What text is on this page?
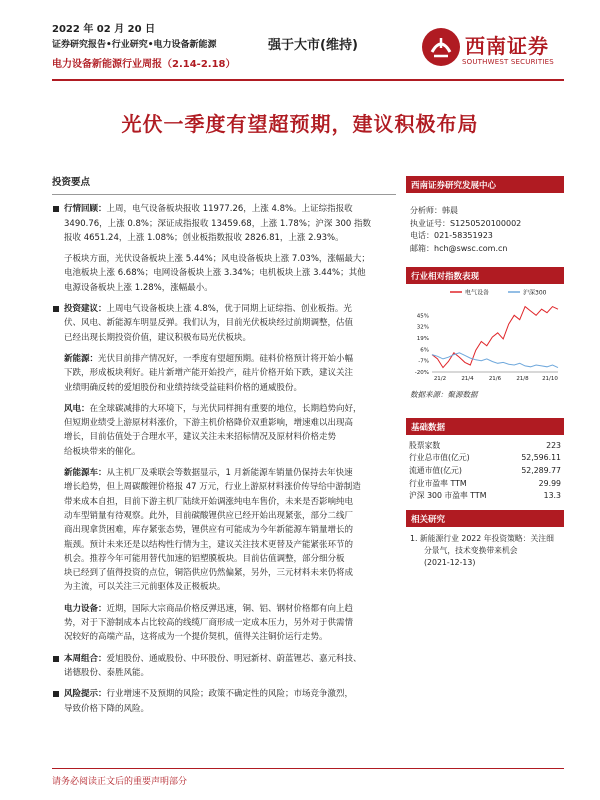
2022 年 02 月 20 日
证券研究报告•行业研究•电力设备新能源
电力设备新能源行业周报（2.14-2.18）
强于大市(维持)	西南证券
SOUTHWEST SECURITIES
光伏一季度有望超预期，建议积极布局
投资要点
行情回顾：上周，电气设备板块报收 11977.26，上涨 4.8%。上证综指报收
3490.76，上涨 0.8%；深证成指报收 13459.68，上涨 1.78%；沪深 300 指数
报收 4651.24，上涨 1.08%；创业板指数报收 2826.81，上涨 2.93%。
子板块方面，光伏设备板块上涨 5.44%；风电设备板块上涨 7.03%，涨幅最大；
电池板块上涨 6.68%；电网设备板块上涨 3.34%；电机板块上涨 3.44%；其他
电源设备板块上涨 1.28%，涨幅最小。
投资建议：上周电气设备板块上涨 4.8%，优于同期上证综指、创业板指。光
伏、风电、新能源车明显反弹。我们认为，目前光伏板块经过前期调整，估值
已经出现长期投资价值，建议积极布局光伏板块。
新能源：光伏目前排产情况好，一季度有望超预期。硅料价格预计将开始小幅
下跌，形成板块利好。硅片新增产能开始投产，硅片价格开始下跌，建议关注
业绩明确反转的爱旭股份和业绩持续受益硅料价格的通威股份。
风电：在全球碳减排的大环境下，与光伏同样拥有重要的地位，长期趋势向好，
但短期业绩受上游原材料涨价，下游主机价格降价双重影响，增速难以出现高
增长，目前估值处于合理水平，建议关注未来招标情况及原材料价格走势
给板块带来的催化。
新能源车：从主机厂及乘联会等数据显示，1 月新能源车销量仍保持去年快速
增长趋势，但上周碳酸锂价格报 47 万元，行业上游原材料涨价传导给中游制造
带来成本自担，目前下游主机厂陆续开始调涨纯电车售价，未来是否影响纯电
动车型销量有待观察。此外，目前碳酸锂供应已经开始出现紧张，部分二线厂
商出现拿货困难，库存紧张态势，锂供应有可能成为今年新能源车销量增长的
瓶颈。预计未来还是以结构性行情为主，建议关注技术更替及产能紧张环节的
机会。推荐今年可能用替代加速的铝塑膜板块。目前估值调整，部分细分板
块已经到了值得投资的点位，铜箔供应仍然偏紧，另外，三元材料未来仍将成
为主流，可以关注三元前驱体及正极板块。
电力设备：近期，国际大宗商品价格反弹迅速，铜、铝、钢材价格都有向上趋
势，对于下游制成本占比较高的线缆厂商形成一定成本压力，另外对于供需情
况较好的高端产品，这将成为一个提价契机，值得关注铜价运行走势。
本周组合：爱旭股份、通威股份、中环股份、明冠新材、蔚蓝锂芯、嘉元科技、
诺德股份、泰胜风能。
风险提示：行业增速不及预期的风险；政策不确定性的风险；市场竞争激烈，
导致价格下降的风险。
西南证券研究发展中心
分析师：韩晨
执业证号：S1250520100002
电话：021-58351923
邮箱：hch@swsc.com.cn
行业相对指数表现
电气设备	沪深300
45%
32%
19%
6%
-7%
-20%
21/2	21/4	21/6	21/8 21/10
数据来源：聚源数据
基础数据
股票家数	223
行业总市值(亿元)	52,596.11
流通市值(亿元)	52,289.77
行业市盈率 TTM	29.99
沪深 300 市盈率 TTM	13.3
相关研究
1. 新能源行业 2022 年投资策略：关注细
分景气，技术变换带来机会
(2021-12-13)
请务必阅读正文后的重要声明部分
